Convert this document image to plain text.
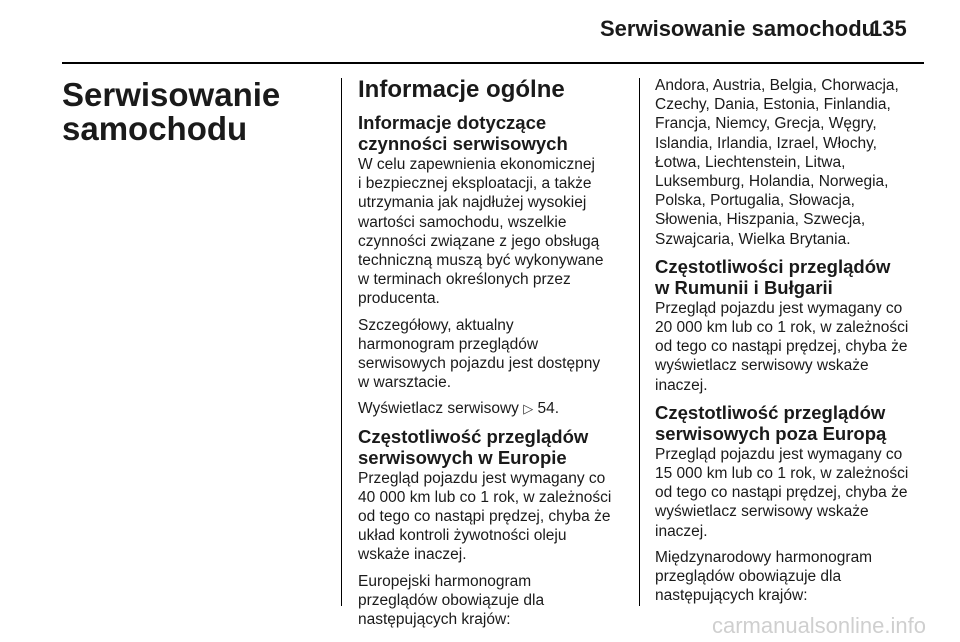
Serwisowanie samochodu
135
Serwisowanie samochodu
Informacje ogólne
Informacje dotyczące
czynności serwisowych

W celu zapewnienia ekonomicznej
i bezpiecznej eksploatacji, a także
utrzymania jak najdłużej wysokiej
wartości samochodu, wszelkie
czynności związane z jego obsługą
techniczną muszą być wykonywane
w terminach określonych przez
producenta.

Szczegółowy, aktualny
harmonogram przeglądów
serwisowych pojazdu jest dostępny
w warsztacie.

Wyświetlacz serwisowy ▷ 54.

Częstotliwość przeglądów
serwisowych w Europie

Przegląd pojazdu jest wymagany co
40 000 km lub co 1 rok, w zależności
od tego co nastąpi prędzej, chyba że
układ kontroli żywotności oleju
wskaże inaczej.

Europejski harmonogram
przeglądów obowiązuje dla
następujących krajów:

Andora, Austria, Belgia, Chorwacja,
Czechy, Dania, Estonia, Finlandia,
Francja, Niemcy, Grecja, Węgry,
Islandia, Irlandia, Izrael, Włochy,
Łotwa, Liechtenstein, Litwa,
Luksemburg, Holandia, Norwegia,
Polska, Portugalia, Słowacja,
Słowenia, Hiszpania, Szwecja,
Szwajcaria, Wielka Brytania.

Częstotliwości przeglądów
w Rumunii i Bułgarii

Przegląd pojazdu jest wymagany co
20 000 km lub co 1 rok, w zależności
od tego co nastąpi prędzej, chyba że
wyświetlacz serwisowy wskaże
inaczej.

Częstotliwość przeglądów
serwisowych poza Europą

Przegląd pojazdu jest wymagany co
15 000 km lub co 1 rok, w zależności
od tego co nastąpi prędzej, chyba że
wyświetlacz serwisowy wskaże
inaczej.

Międzynarodowy harmonogram
przeglądów obowiązuje dla
następujących krajów:

carmanualsonline.info
